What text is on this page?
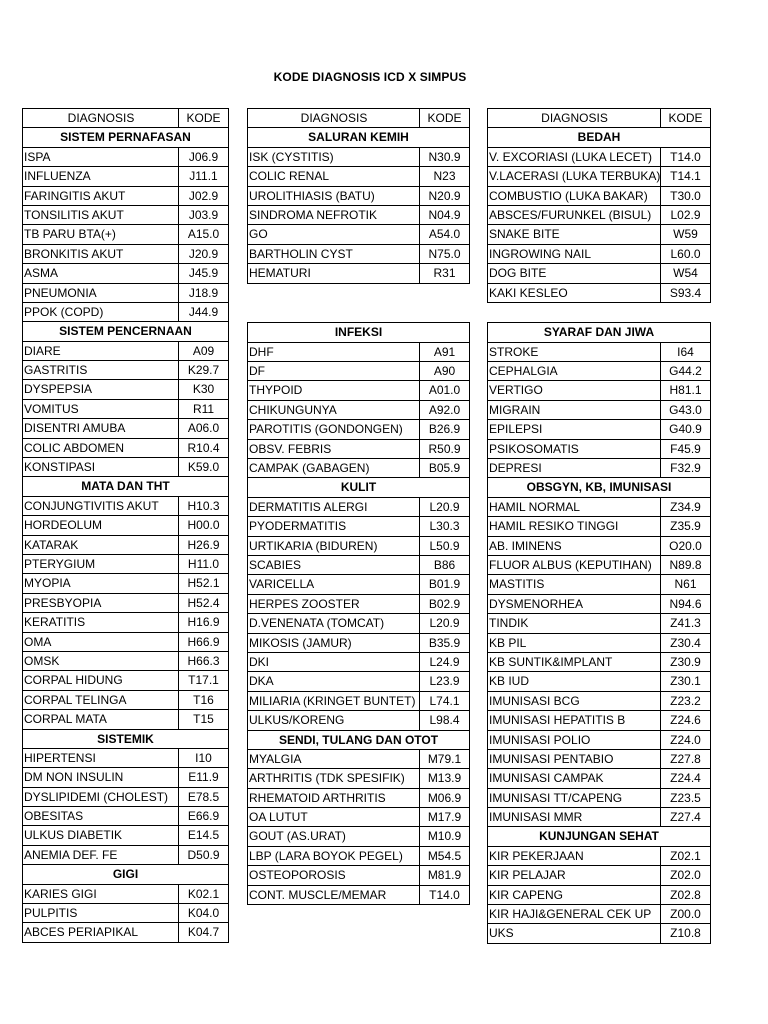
KODE DIAGNOSIS ICD X SIMPUS
DIAGNOSIS	KODE
SISTEM PERNAFASAN
ISPA	J06.9
INFLUENZA	J11.1
FARINGITIS AKUT	J02.9
TONSILITIS AKUT	J03.9
TB PARU BTA(+)	A15.0
BRONKITIS AKUT	J20.9
ASMA	J45.9
PNEUMONIA	J18.9
PPOK (COPD)	J44.9
SISTEM PENCERNAAN
DIARE	A09
GASTRITIS	K29.7
DYSPEPSIA	K30
VOMITUS	R11
DISENTRI AMUBA	A06.0
COLIC ABDOMEN	R10.4
KONSTIPASI	K59.0
MATA DAN THT
CONJUNGTIVITIS AKUT	H10.3
HORDEOLUM	H00.0
KATARAK	H26.9
PTERYGIUM	H11.0
MYOPIA	H52.1
PRESBYOPIA	H52.4
KERATITIS	H16.9
OMA	H66.9
OMSK	H66.3
CORPAL HIDUNG	T17.1
CORPAL TELINGA	T16
CORPAL MATA	T15
SISTEMIK
HIPERTENSI	I10
DM NON INSULIN	E11.9
DYSLIPIDEMI (CHOLEST)	E78.5
OBESITAS	E66.9
ULKUS DIABETIK	E14.5
ANEMIA DEF. FE	D50.9
GIGI
KARIES GIGI	K02.1
PULPITIS	K04.0
ABCES PERIAPIKAL	K04.7
DIAGNOSIS	KODE
SALURAN KEMIH
ISK (CYSTITIS)	N30.9
COLIC RENAL	N23
UROLITHIASIS (BATU)	N20.9
SINDROMA NEFROTIK	N04.9
GO	A54.0
BARTHOLIN CYST	N75.0
HEMATURI	R31
INFEKSI
DHF	A91
DF	A90
THYPOID	A01.0
CHIKUNGUNYA	A92.0
PAROTITIS (GONDONGEN)	B26.9
OBSV. FEBRIS	R50.9
CAMPAK (GABAGEN)	B05.9
KULIT
DERMATITIS ALERGI	L20.9
PYODERMATITIS	L30.3
URTIKARIA (BIDUREN)	L50.9
SCABIES	B86
VARICELLA	B01.9
HERPES ZOOSTER	B02.9
D.VENENATA (TOMCAT)	L20.9
MIKOSIS (JAMUR)	B35.9
DKI	L24.9
DKA	L23.9
MILIARIA (KRINGET BUNTET)	L74.1
ULKUS/KORENG	L98.4
SENDI, TULANG DAN OTOT
MYALGIA	M79.1
ARTHRITIS (TDK SPESIFIK)	M13.9
RHEMATOID ARTHRITIS	M06.9
OA LUTUT	M17.9
GOUT (AS.URAT)	M10.9
LBP (LARA BOYOK PEGEL)	M54.5
OSTEOPOROSIS	M81.9
CONT. MUSCLE/MEMAR	T14.0
DIAGNOSIS	KODE
BEDAH
V. EXCORIASI (LUKA LECET)	T14.0
V.LACERASI (LUKA TERBUKA) T14.1
COMBUSTIO (LUKA BAKAR)	T30.0
ABSCES/FURUNKEL (BISUL)	L02.9
SNAKE BITE	W59
INGROWING NAIL	L60.0
DOG BITE	W54
KAKI KESLEO	S93.4
SYARAF DAN JIWA
STROKE	I64
CEPHALGIA	G44.2
VERTIGO	H81.1
MIGRAIN	G43.0
EPILEPSI	G40.9
PSIKOSOMATIS	F45.9
DEPRESI	F32.9
OBSGYN, KB, IMUNISASI
HAMIL NORMAL	Z34.9
HAMIL RESIKO TINGGI	Z35.9
AB. IMINENS	O20.0
FLUOR ALBUS (KEPUTIHAN)	N89.8
MASTITIS	N61
DYSMENORHEA	N94.6
TINDIK	Z41.3
KB PIL	Z30.4
KB SUNTIK&IMPLANT	Z30.9
KB IUD	Z30.1
IMUNISASI BCG	Z23.2
IMUNISASI HEPATITIS B	Z24.6
IMUNISASI POLIO	Z24.0
IMUNISASI PENTABIO	Z27.8
IMUNISASI CAMPAK	Z24.4
IMUNISASI TT/CAPENG	Z23.5
IMUNISASI MMR	Z27.4
KUNJUNGAN SEHAT
KIR PEKERJAAN	Z02.1
KIR PELAJAR	Z02.0
KIR CAPENG	Z02.8
KIR HAJI&GENERAL CEK UP	Z00.0
UKS	Z10.8
